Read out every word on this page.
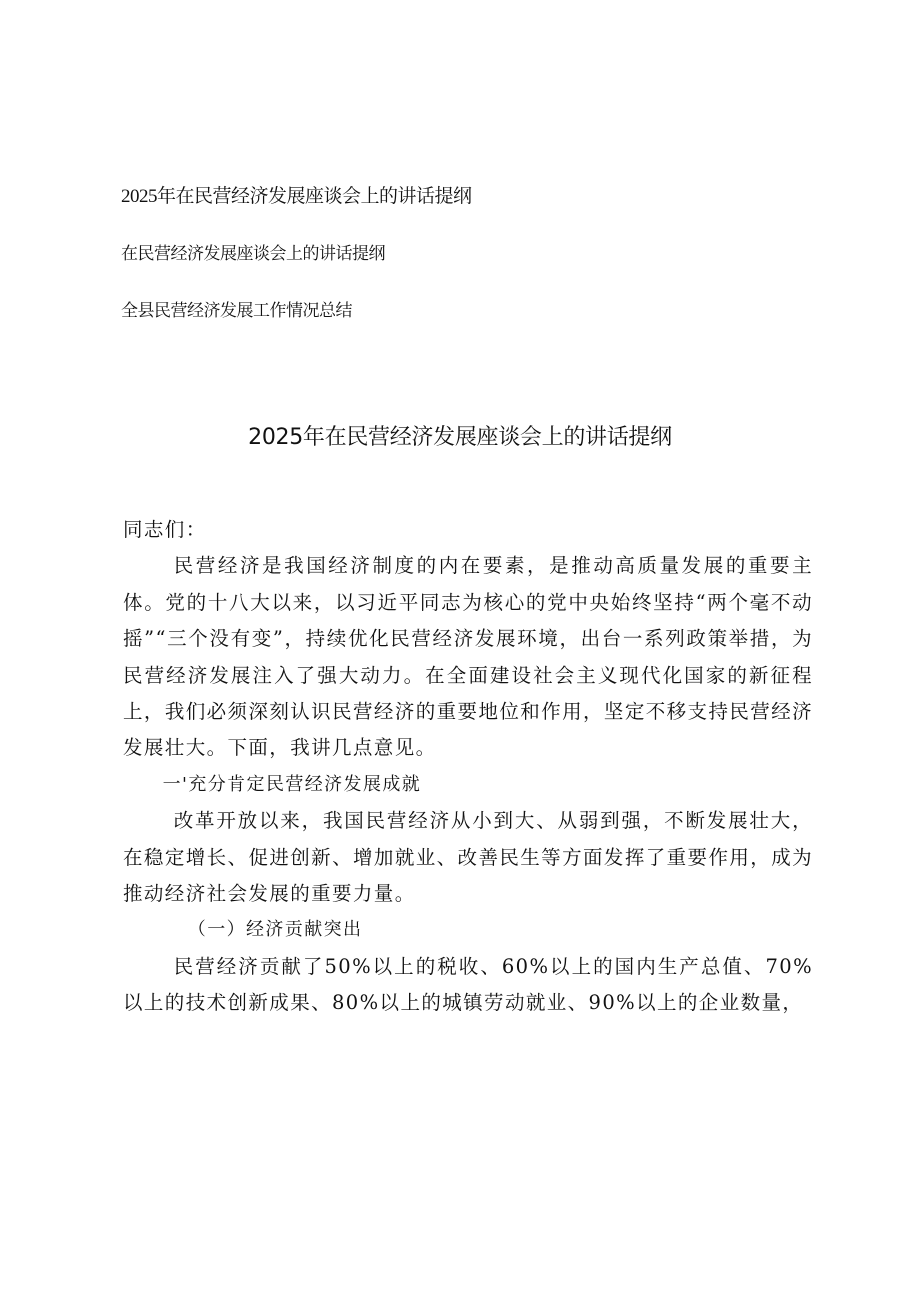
2025年在民营经济发展座谈会上的讲话提纲
在民营经济发展座谈会上的讲话提纲
全县民营经济发展工作情况总结
2025年在民营经济发展座谈会上的讲话提纲

同志们：

民营经济是我国经济制度的内在要素，是推动高质量发展的重要主体。党的十八大以来，以习近平同志为核心的党中央始终坚持“两个毫不动摇”“三个没有变”，持续优化民营经济发展环境，出台一系列政策举措，为民营经济发展注入了强大动力。在全面建设社会主义现代化国家的新征程上，我们必须深刻认识民营经济的重要地位和作用，坚定不移支持民营经济发展壮大。下面，我讲几点意见。

一'充分肯定民营经济发展成就

改革开放以来，我国民营经济从小到大、从弱到强，不断发展壮大，在稳定增长、促进创新、增加就业、改善民生等方面发挥了重要作用，成为推动经济社会发展的重要力量。

（一）经济贡献突出

民营经济贡献了50%以上的税收、60%以上的国内生产总值、70%以上的技术创新成果、80%以上的城镇劳动就业、90%以上的企业数量，
